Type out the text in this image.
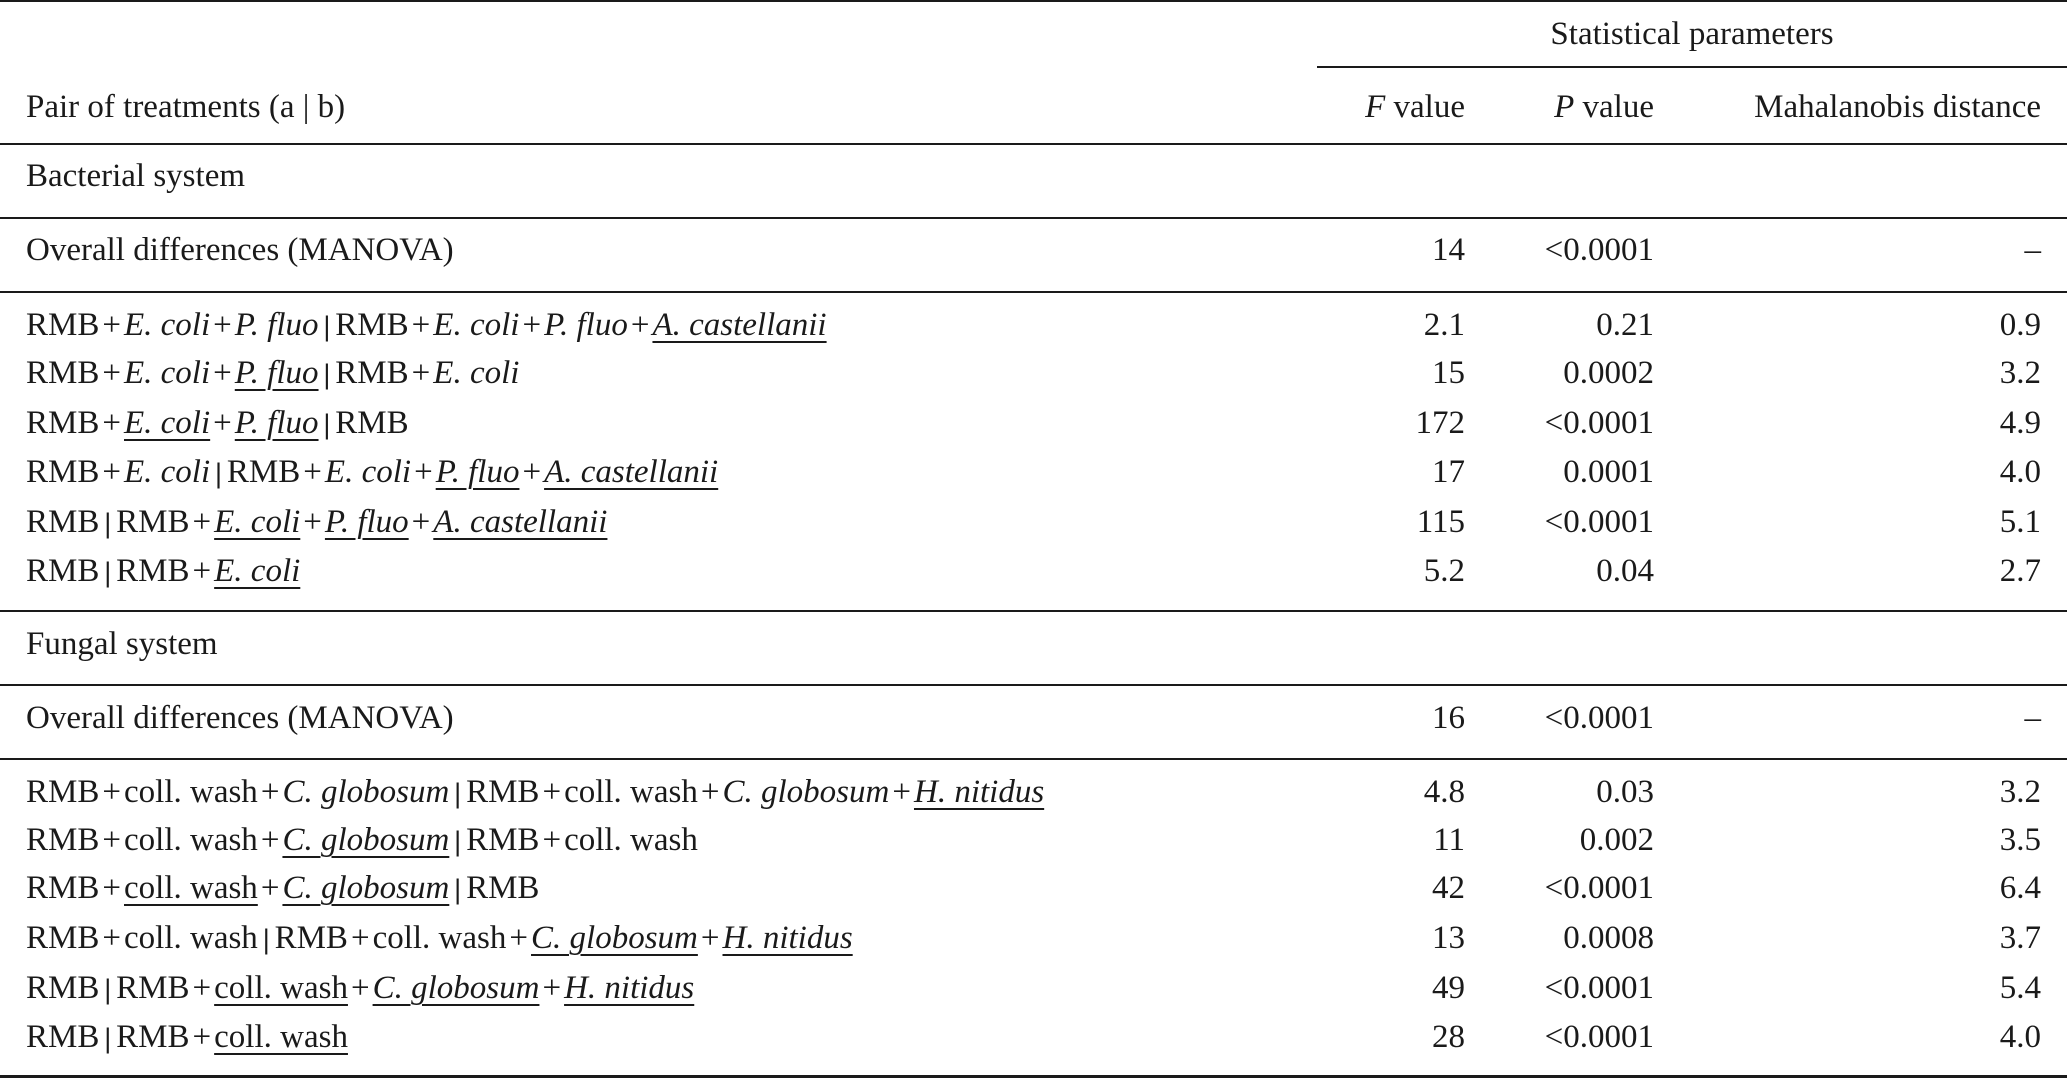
Statistical parameters
Pair of treatments (a | b)	F value	P value	Mahalanobis distance
Bacterial system
Overall differences (MANOVA)	14 <0.0001	–
RMB+E. coli+P. fluo | RMB+E. coli+P. fluo+A. castellanii	2.1	0.21	0.9
RMB+E. coli+P. fluo | RMB+E. coli	15	0.0002	3.2
RMB+E. coli+P. fluo | RMB	172 <0.0001	4.9
RMB+E. coli | RMB+E. coli+P. fluo+A. castellanii	17	0.0001	4.0
RMB | RMB+E. coli+P. fluo+A. castellanii	115 <0.0001	5.1
RMB | RMB+E. coli	5.2	0.04	2.7
Fungal system
Overall differences (MANOVA)	16 <0.0001	–
RMB+coll. wash+C. globosum | RMB+coll. wash+C. globosum+H. nitidus	4.8	0.03	3.2
RMB+coll. wash+C. globosum | RMB+coll. wash	11	0.002	3.5
RMB+coll. wash+C. globosum | RMB	42 <0.0001	6.4
RMB+coll. wash | RMB+coll. wash+C. globosum+H. nitidus	13	0.0008	3.7
RMB | RMB+coll. wash+C. globosum+H. nitidus	49 <0.0001	5.4
RMB | RMB+coll. wash	28 <0.0001	4.0
